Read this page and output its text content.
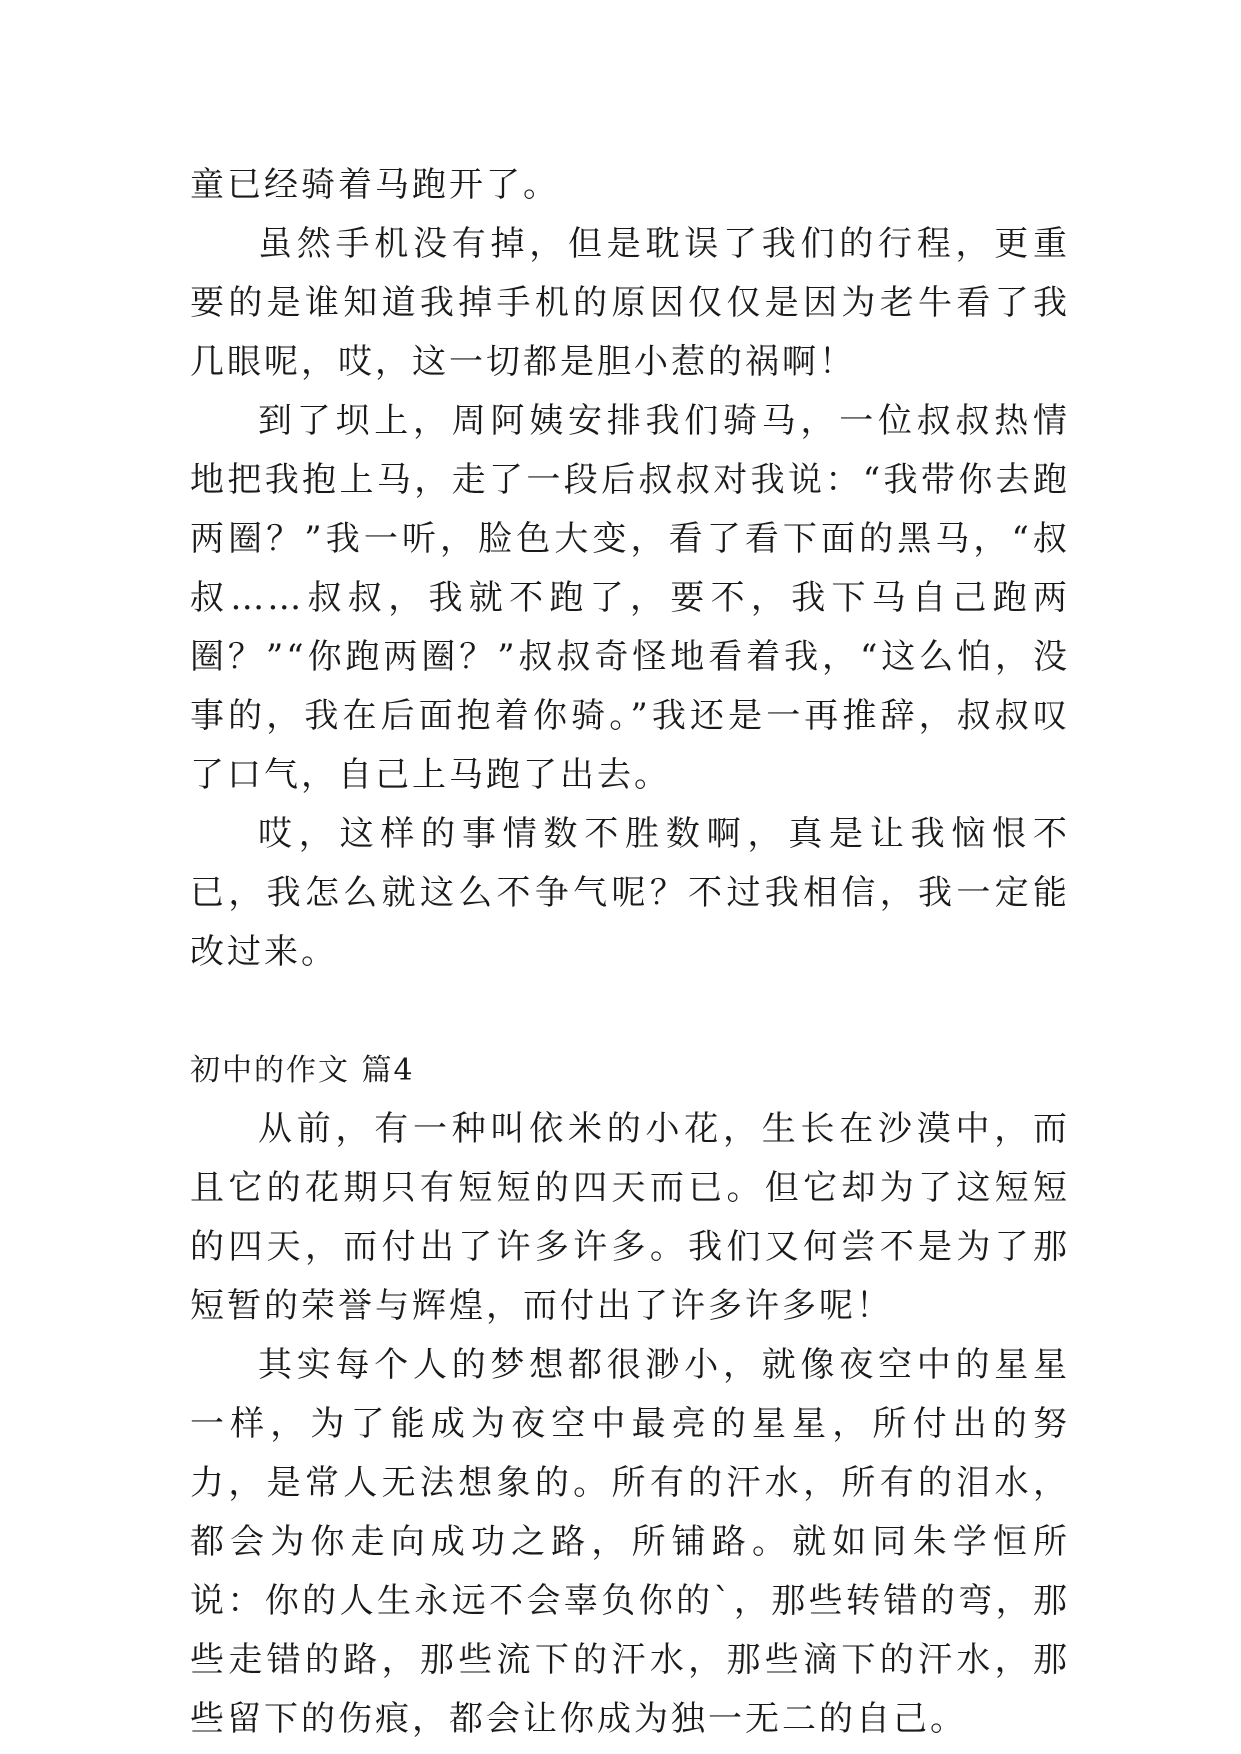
童已经骑着马跑开了。

虽然手机没有掉，但是耽误了我们的行程，更重要的是谁知道我掉手机的原因仅仅是因为老牛看了我几眼呢，哎，这一切都是胆小惹的祸啊！

到了坝上，周阿姨安排我们骑马，一位叔叔热情地把我抱上马，走了一段后叔叔对我说：“我带你去跑两圈？”我一听，脸色大变，看了看下面的黑马，“叔叔……叔叔，我就不跑了，要不，我下马自己跑两圈？”“你跑两圈？”叔叔奇怪地看着我，“这么怕，没事的，我在后面抱着你骑。”我还是一再推辞，叔叔叹了口气，自己上马跑了出去。

哎，这样的事情数不胜数啊，真是让我恼恨不已，我怎么就这么不争气呢？不过我相信，我一定能改过来。

初中的作文 篇4

从前，有一种叫依米的小花，生长在沙漠中，而且它的花期只有短短的四天而已。但它却为了这短短的四天，而付出了许多许多。我们又何尝不是为了那短暂的荣誉与辉煌，而付出了许多许多呢！

其实每个人的梦想都很渺小，就像夜空中的星星一样，为了能成为夜空中最亮的星星，所付出的努力，是常人无法想象的。所有的汗水，所有的泪水，都会为你走向成功之路，所铺路。就如同朱学恒所说：你的人生永远不会辜负你的`，那些转错的弯，那些走错的路，那些流下的汗水，那些滴下的汗水，那些留下的伤痕，都会让你成为独一无二的自己。
